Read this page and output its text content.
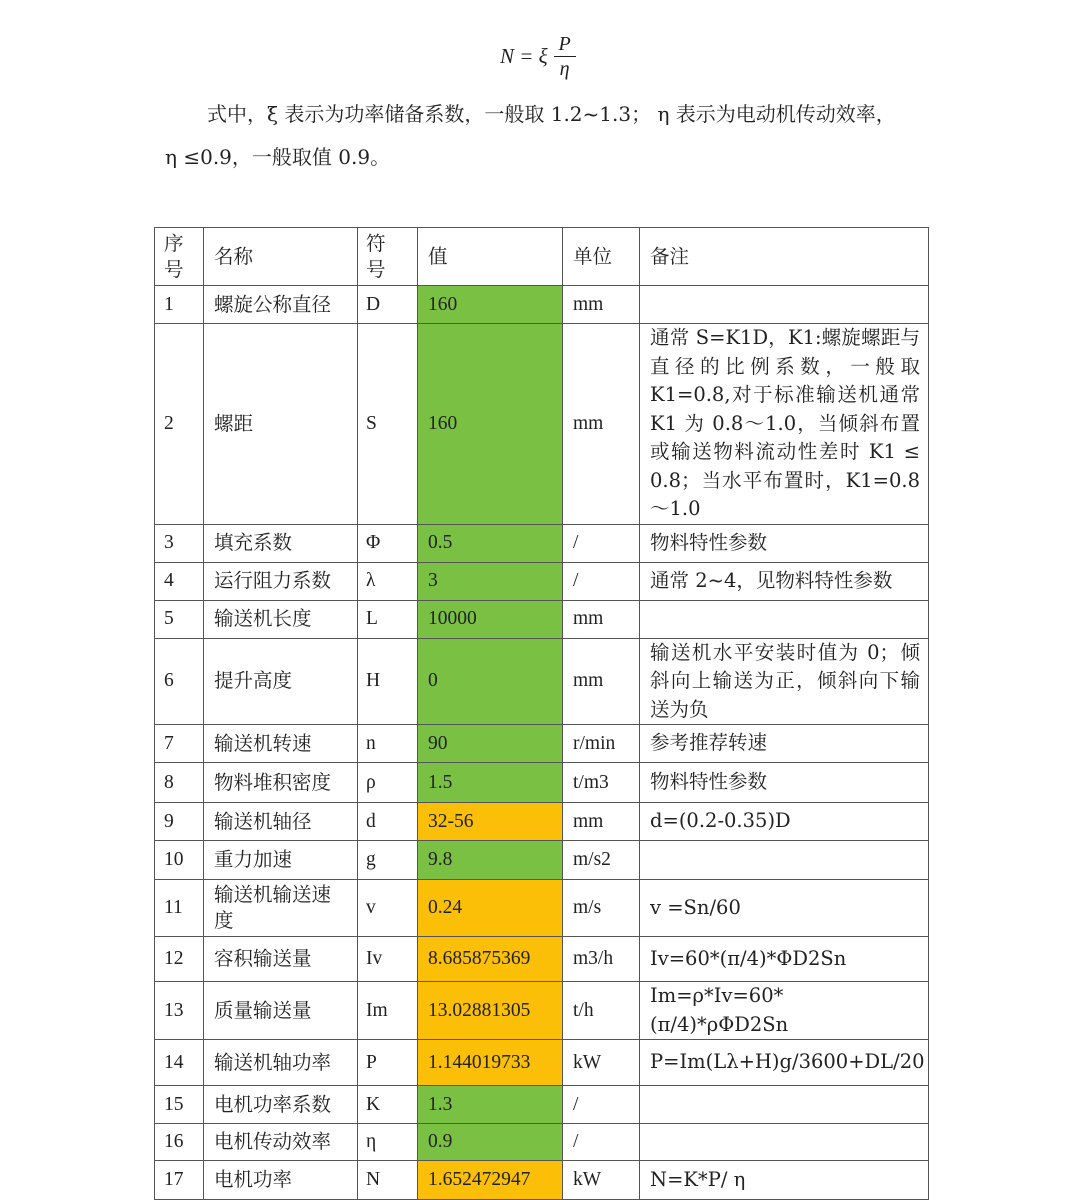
N = ξ $\frac{P}{\eta}$
式中，ξ 表示为功率储备系数，一般取 1.2~1.3； η 表示为电动机传动效率，
η ≤0.9，一般取值 0.9。
序号	名称	符号	值	单位	备注
1	螺旋公称直径	D	160	mm	
2	螺距	S	160	mm	通常 S=K1D，K1:螺旋螺距与直径的比例系数，一般取 K1=0.8,对于标准输送机通常 K1 为 0.8～1.0，当倾斜布置或输送物料流动性差时 K1 ≤ 0.8；当水平布置时，K1=0.8～1.0
3	填充系数	Φ	0.5	/	物料特性参数
4	运行阻力系数	λ	3	/	通常 2~4，见物料特性参数
5	输送机长度	L	10000	mm	
6	提升高度	H	0	mm	输送机水平安装时值为 0；倾斜向上输送为正，倾斜向下输送为负
7	输送机转速	n	90	r/min	参考推荐转速
8	物料堆积密度	ρ	1.5	t/m3	物料特性参数
9	输送机轴径	d	32-56	mm	d=(0.2-0.35)D
10	重力加速	g	9.8	m/s2	
11	输送机输送速度	v	0.24	m/s	v =Sn/60
12	容积输送量	Iv	8.685875369	m3/h	Iv=60*(π/4)*ΦD2Sn
13	质量输送量	Im	13.02881305	t/h	Im=ρ*Iv=60*(π/4)*ρΦD2Sn
14	输送机轴功率	P	1.144019733	kW	P=Im(Lλ+H)g/3600+DL/20
15	电机功率系数	K	1.3	/	
16	电机传动效率	η	0.9	/	
17	电机功率	N	1.652472947	kW	N=K*P/ η
